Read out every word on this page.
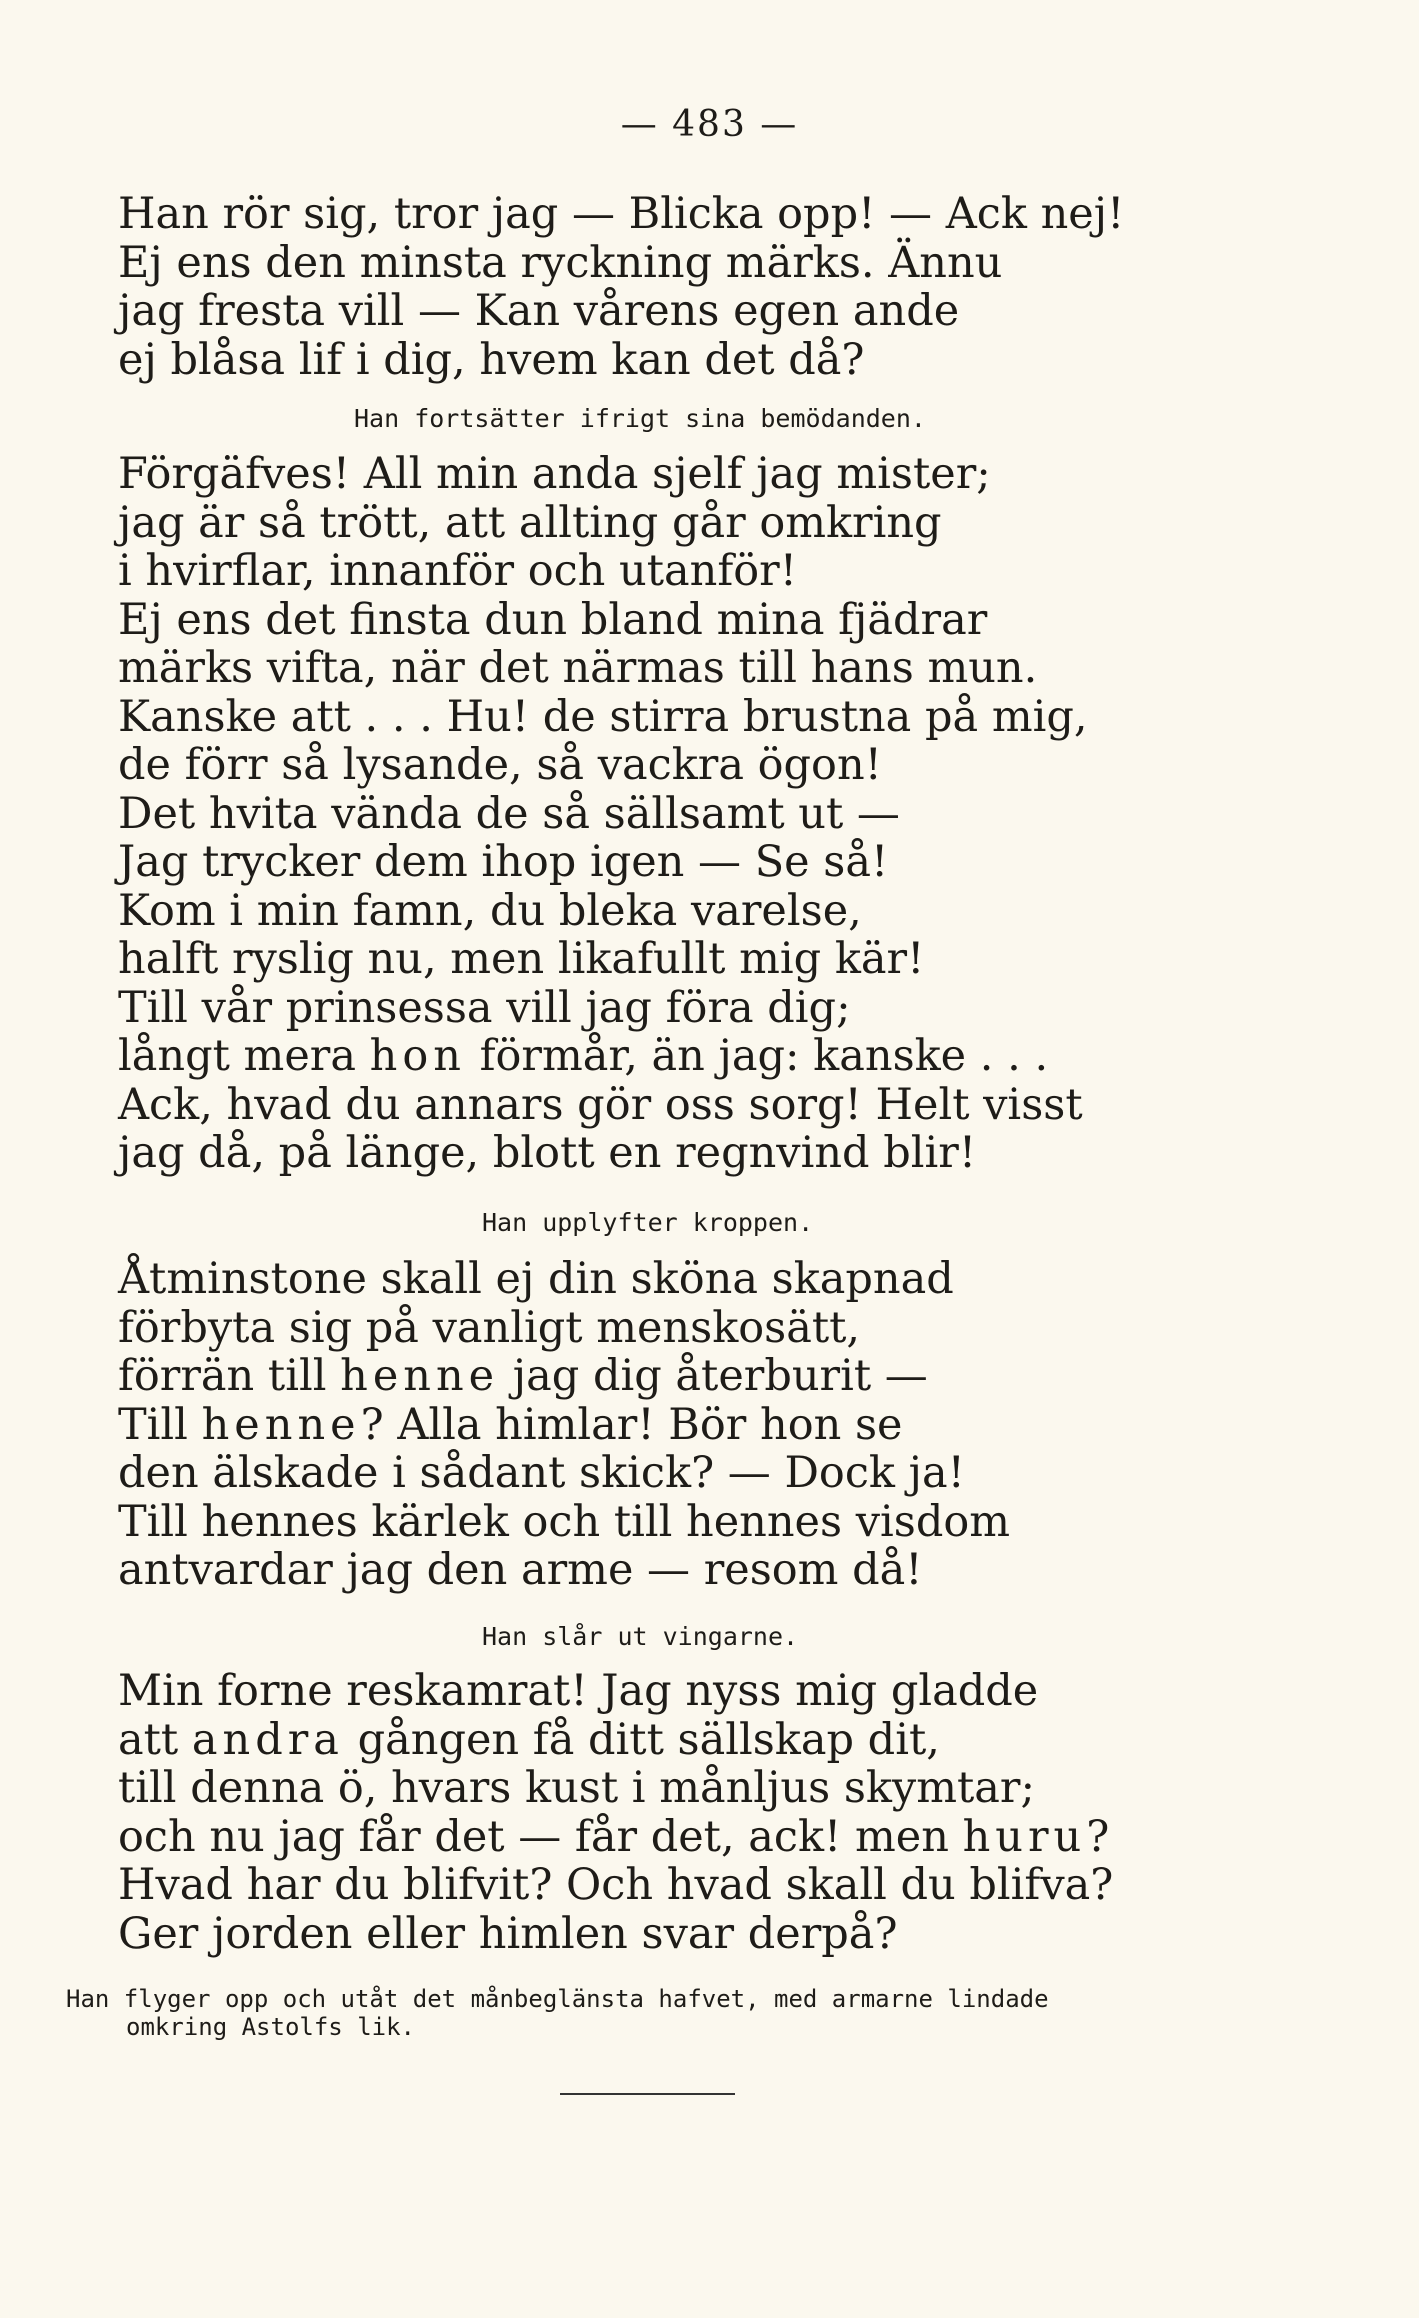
— 483 —
Han rör sig, tror jag — Blicka opp! — Ack nej!
Ej ens den minsta ryckning märks. Ännu
jag fresta vill — Kan vårens egen ande
ej blåsa lif i dig, hvem kan det då?
Han fortsätter ifrigt sina bemödanden.
Förgäfves! All min anda sjelf jag mister;
jag är så trött, att allting går omkring
i hvirflar, innanför och utanför!
Ej ens det finsta dun bland mina fjädrar
märks vifta, när det närmas till hans mun.
Kanske att . . . Hu! de stirra brustna på mig,
de förr så lysande, så vackra ögon!
Det hvita vända de så sällsamt ut —
Jag trycker dem ihop igen — Se så!
Kom i min famn, du bleka varelse,
halft ryslig nu, men likafullt mig kär!
Till vår prinsessa vill jag föra dig;
långt mera hon förmår, än jag: kanske . . .
Ack, hvad du annars gör oss sorg! Helt visst
jag då, på länge, blott en regnvind blir!
Han upplyfter kroppen.
Åtminstone skall ej din sköna skapnad
förbyta sig på vanligt menskosätt,
förrän till henne jag dig återburit —
Till henne? Alla himlar! Bör hon se
den älskade i sådant skick? — Dock ja!
Till hennes kärlek och till hennes visdom
antvardar jag den arme — resom då!
Han slår ut vingarne.
Min forne reskamrat! Jag nyss mig gladde
att andra gången få ditt sällskap dit,
till denna ö, hvars kust i månljus skymtar;
och nu jag får det — får det, ack! men huru?
Hvad har du blifvit? Och hvad skall du blifva?
Ger jorden eller himlen svar derpå?
Han flyger opp och utåt det månbeglänsta hafvet, med armarne lindade
omkring Astolfs lik.
